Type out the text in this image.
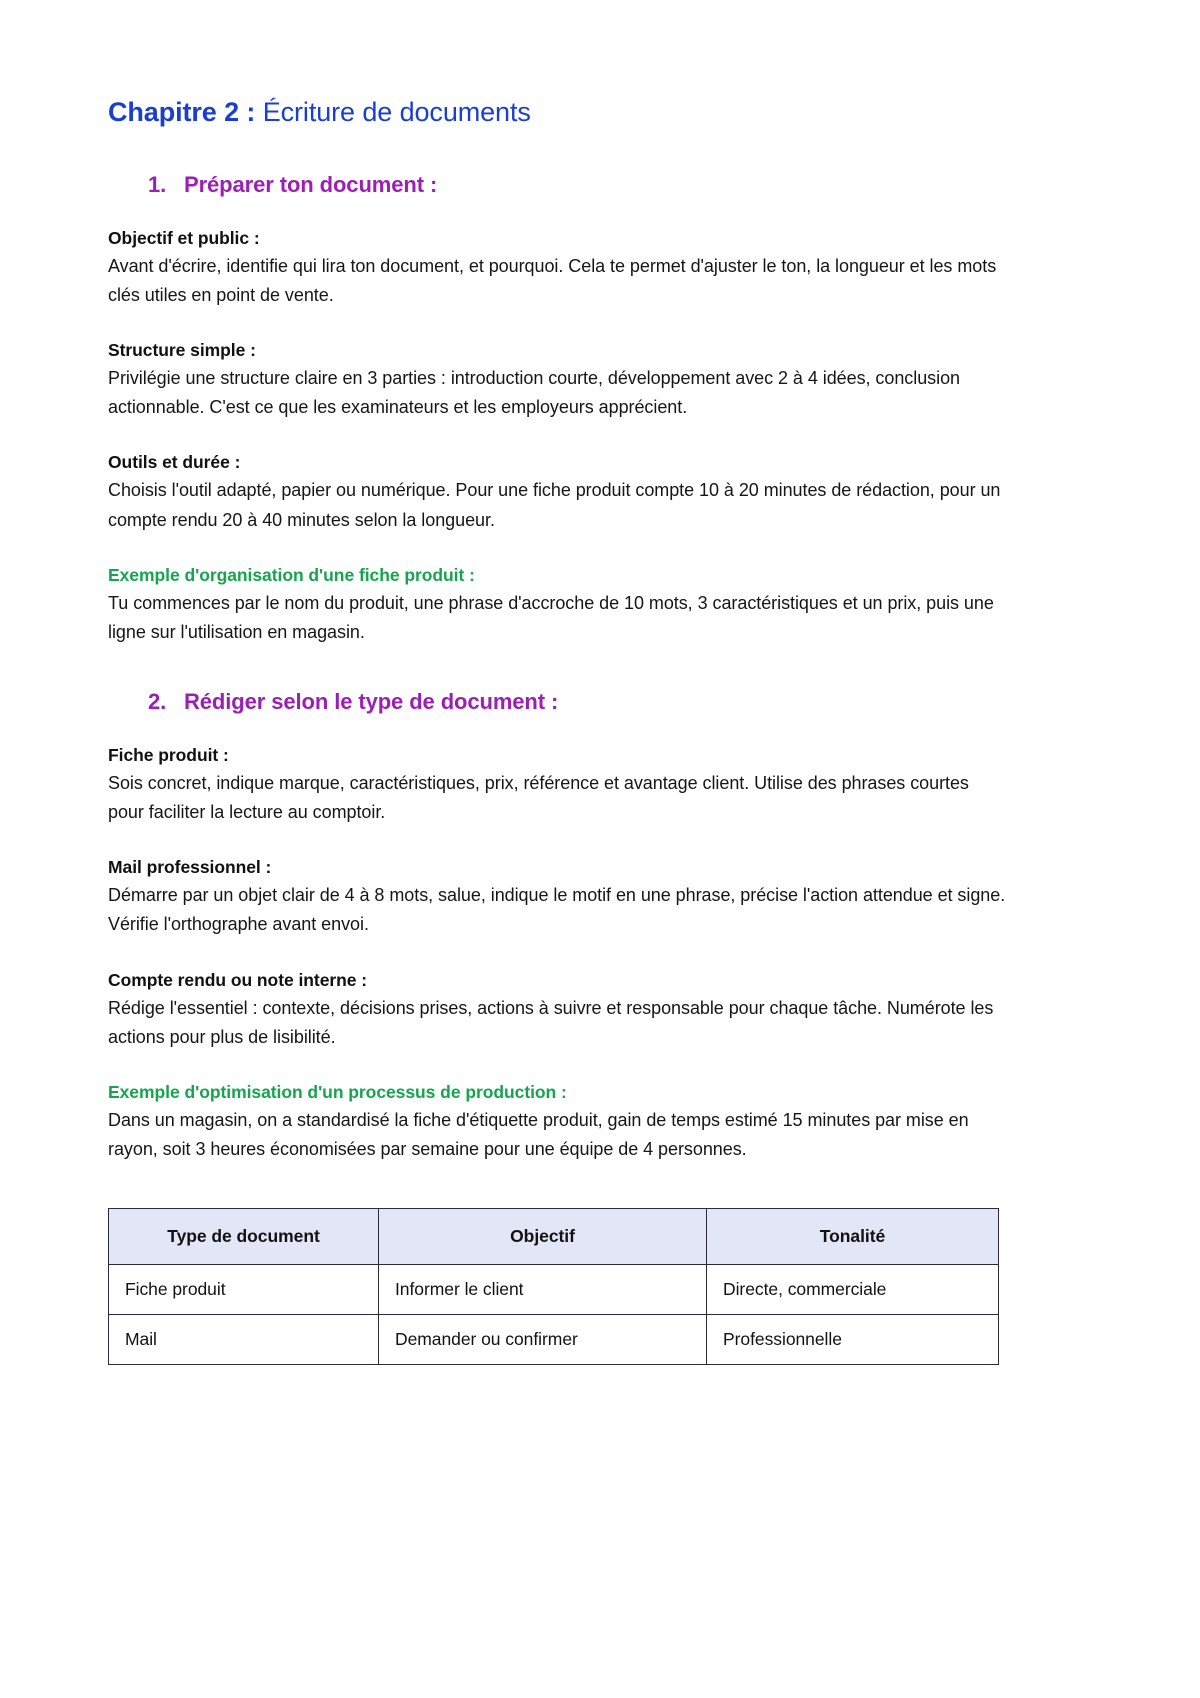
Chapitre 2 : Écriture de documents
1. Préparer ton document :
Objectif et public :

Avant d'écrire, identifie qui lira ton document, et pourquoi. Cela te permet d'ajuster le ton, la longueur et les mots clés utiles en point de vente.

Structure simple :

Privilégie une structure claire en 3 parties : introduction courte, développement avec 2 à 4 idées, conclusion actionnable. C'est ce que les examinateurs et les employeurs apprécient.

Outils et durée :

Choisis l'outil adapté, papier ou numérique. Pour une fiche produit compte 10 à 20 minutes de rédaction, pour un compte rendu 20 à 40 minutes selon la longueur.

Exemple d'organisation d'une fiche produit :

Tu commences par le nom du produit, une phrase d'accroche de 10 mots, 3 caractéristiques et un prix, puis une ligne sur l'utilisation en magasin.

2. Rédiger selon le type de document :
Fiche produit :

Sois concret, indique marque, caractéristiques, prix, référence et avantage client. Utilise des phrases courtes pour faciliter la lecture au comptoir.

Mail professionnel :

Démarre par un objet clair de 4 à 8 mots, salue, indique le motif en une phrase, précise l'action attendue et signe. Vérifie l'orthographe avant envoi.

Compte rendu ou note interne :

Rédige l'essentiel : contexte, décisions prises, actions à suivre et responsable pour chaque tâche. Numérote les actions pour plus de lisibilité.

Exemple d'optimisation d'un processus de production :

Dans un magasin, on a standardisé la fiche d'étiquette produit, gain de temps estimé 15 minutes par mise en rayon, soit 3 heures économisées par semaine pour une équipe de 4 personnes.

Type de document	Objectif	Tonalité
Fiche produit	Informer le client	Directe, commerciale
Mail	Demander ou confirmer	Professionnelle
